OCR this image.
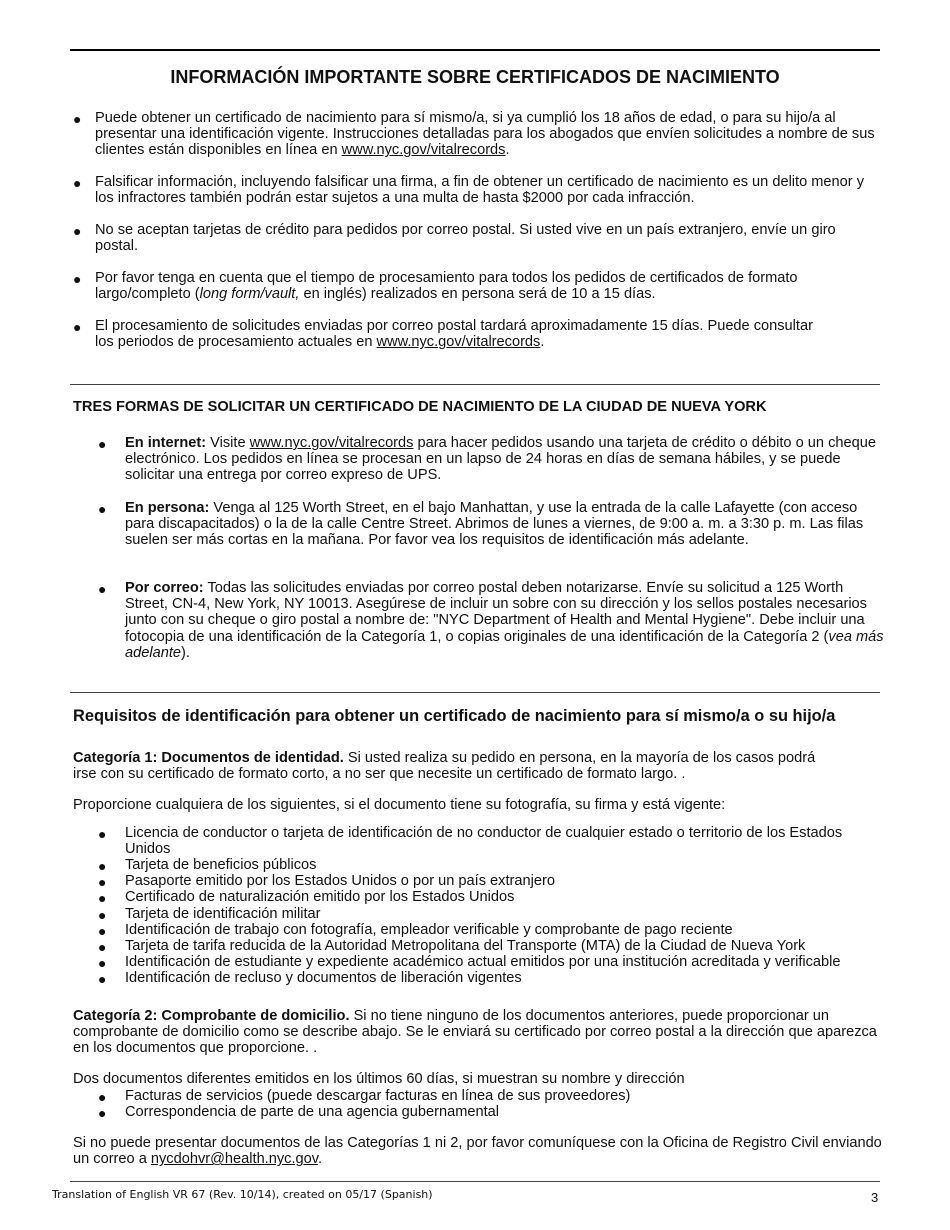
INFORMACIÓN IMPORTANTE SOBRE CERTIFICADOS DE NACIMIENTO
● Puede obtener un certificado de nacimiento para sí mismo/a, si ya cumplió los 18 años de edad, o para su hijo/a al presentar una identificación vigente. Instrucciones detalladas para los abogados que envíen solicitudes a nombre de sus clientes están disponibles en línea en www.nyc.gov/vitalrecords.
● Falsificar información, incluyendo falsificar una firma, a fin de obtener un certificado de nacimiento es un delito menor y los infractores también podrán estar sujetos a una multa de hasta $2000 por cada infracción.
● No se aceptan tarjetas de crédito para pedidos por correo postal. Si usted vive en un país extranjero, envíe un giro postal.
● Por favor tenga en cuenta que el tiempo de procesamiento para todos los pedidos de certificados de formato largo/completo (long form/vault, en inglés) realizados en persona será de 10 a 15 días.
● El procesamiento de solicitudes enviadas por correo postal tardará aproximadamente 15 días. Puede consultar los periodos de procesamiento actuales en www.nyc.gov/vitalrecords.
TRES FORMAS DE SOLICITAR UN CERTIFICADO DE NACIMIENTO DE LA CIUDAD DE NUEVA YORK
● En internet: Visite www.nyc.gov/vitalrecords para hacer pedidos usando una tarjeta de crédito o débito o un cheque electrónico. Los pedidos en línea se procesan en un lapso de 24 horas en días de semana hábiles, y se puede solicitar una entrega por correo expreso de UPS.
● En persona: Venga al 125 Worth Street, en el bajo Manhattan, y use la entrada de la calle Lafayette (con acceso para discapacitados) o la de la calle Centre Street. Abrimos de lunes a viernes, de 9:00 a. m. a 3:30 p. m. Las filas suelen ser más cortas en la mañana. Por favor vea los requisitos de identificación más adelante.
● Por correo: Todas las solicitudes enviadas por correo postal deben notarizarse. Envíe su solicitud a 125 Worth Street, CN-4, New York, NY 10013. Asegúrese de incluir un sobre con su dirección y los sellos postales necesarios junto con su cheque o giro postal a nombre de: "NYC Department of Health and Mental Hygiene". Debe incluir una fotocopia de una identificación de la Categoría 1, o copias originales de una identificación de la Categoría 2 (vea más adelante).
Requisitos de identificación para obtener un certificado de nacimiento para sí mismo/a o su hijo/a
Categoría 1: Documentos de identidad. Si usted realiza su pedido en persona, en la mayoría de los casos podrá irse con su certificado de formato corto, a no ser que necesite un certificado de formato largo. .
Proporcione cualquiera de los siguientes, si el documento tiene su fotografía, su firma y está vigente:
● Licencia de conductor o tarjeta de identificación de no conductor de cualquier estado o territorio de los Estados Unidos
● Tarjeta de beneficios públicos
● Pasaporte emitido por los Estados Unidos o por un país extranjero
● Certificado de naturalización emitido por los Estados Unidos
● Tarjeta de identificación militar
● Identificación de trabajo con fotografía, empleador verificable y comprobante de pago reciente
● Tarjeta de tarifa reducida de la Autoridad Metropolitana del Transporte (MTA) de la Ciudad de Nueva York
● Identificación de estudiante y expediente académico actual emitidos por una institución acreditada y verificable
● Identificación de recluso y documentos de liberación vigentes
Categoría 2: Comprobante de domicilio. Si no tiene ninguno de los documentos anteriores, puede proporcionar un comprobante de domicilio como se describe abajo. Se le enviará su certificado por correo postal a la dirección que aparezca en los documentos que proporcione. .
Dos documentos diferentes emitidos en los últimos 60 días, si muestran su nombre y dirección
● Facturas de servicios (puede descargar facturas en línea de sus proveedores)
● Correspondencia de parte de una agencia gubernamental
Si no puede presentar documentos de las Categorías 1 ni 2, por favor comuníquese con la Oficina de Registro Civil enviando un correo a nycdohvr@health.nyc.gov.
Translation of English VR 67 (Rev. 10/14), created on 05/17 (Spanish)	3
